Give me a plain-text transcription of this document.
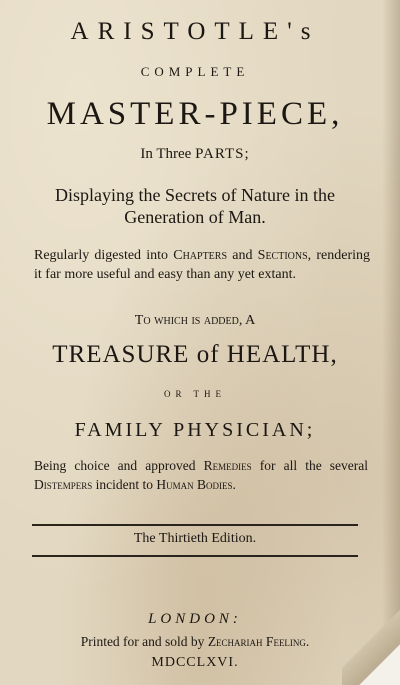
ARISTOTLE's
COMPLETE
MASTER-PIECE,
In Three PARTS;
Displaying the Secrets of Nature in the
Generation of Man.
Regularly digested into Chapters and Sections, rendering it far more useful and easy than any yet extant.
To which is added, A
TREASURE of HEALTH,
OR THE
FAMILY PHYSICIAN;
Being choice and approved Remedies for all the several Distempers incident to Human Bodies.
The Thirtieth Edition.
LONDON:
Printed for and sold by Zechariah Feeling.
MDCCLXVI.
